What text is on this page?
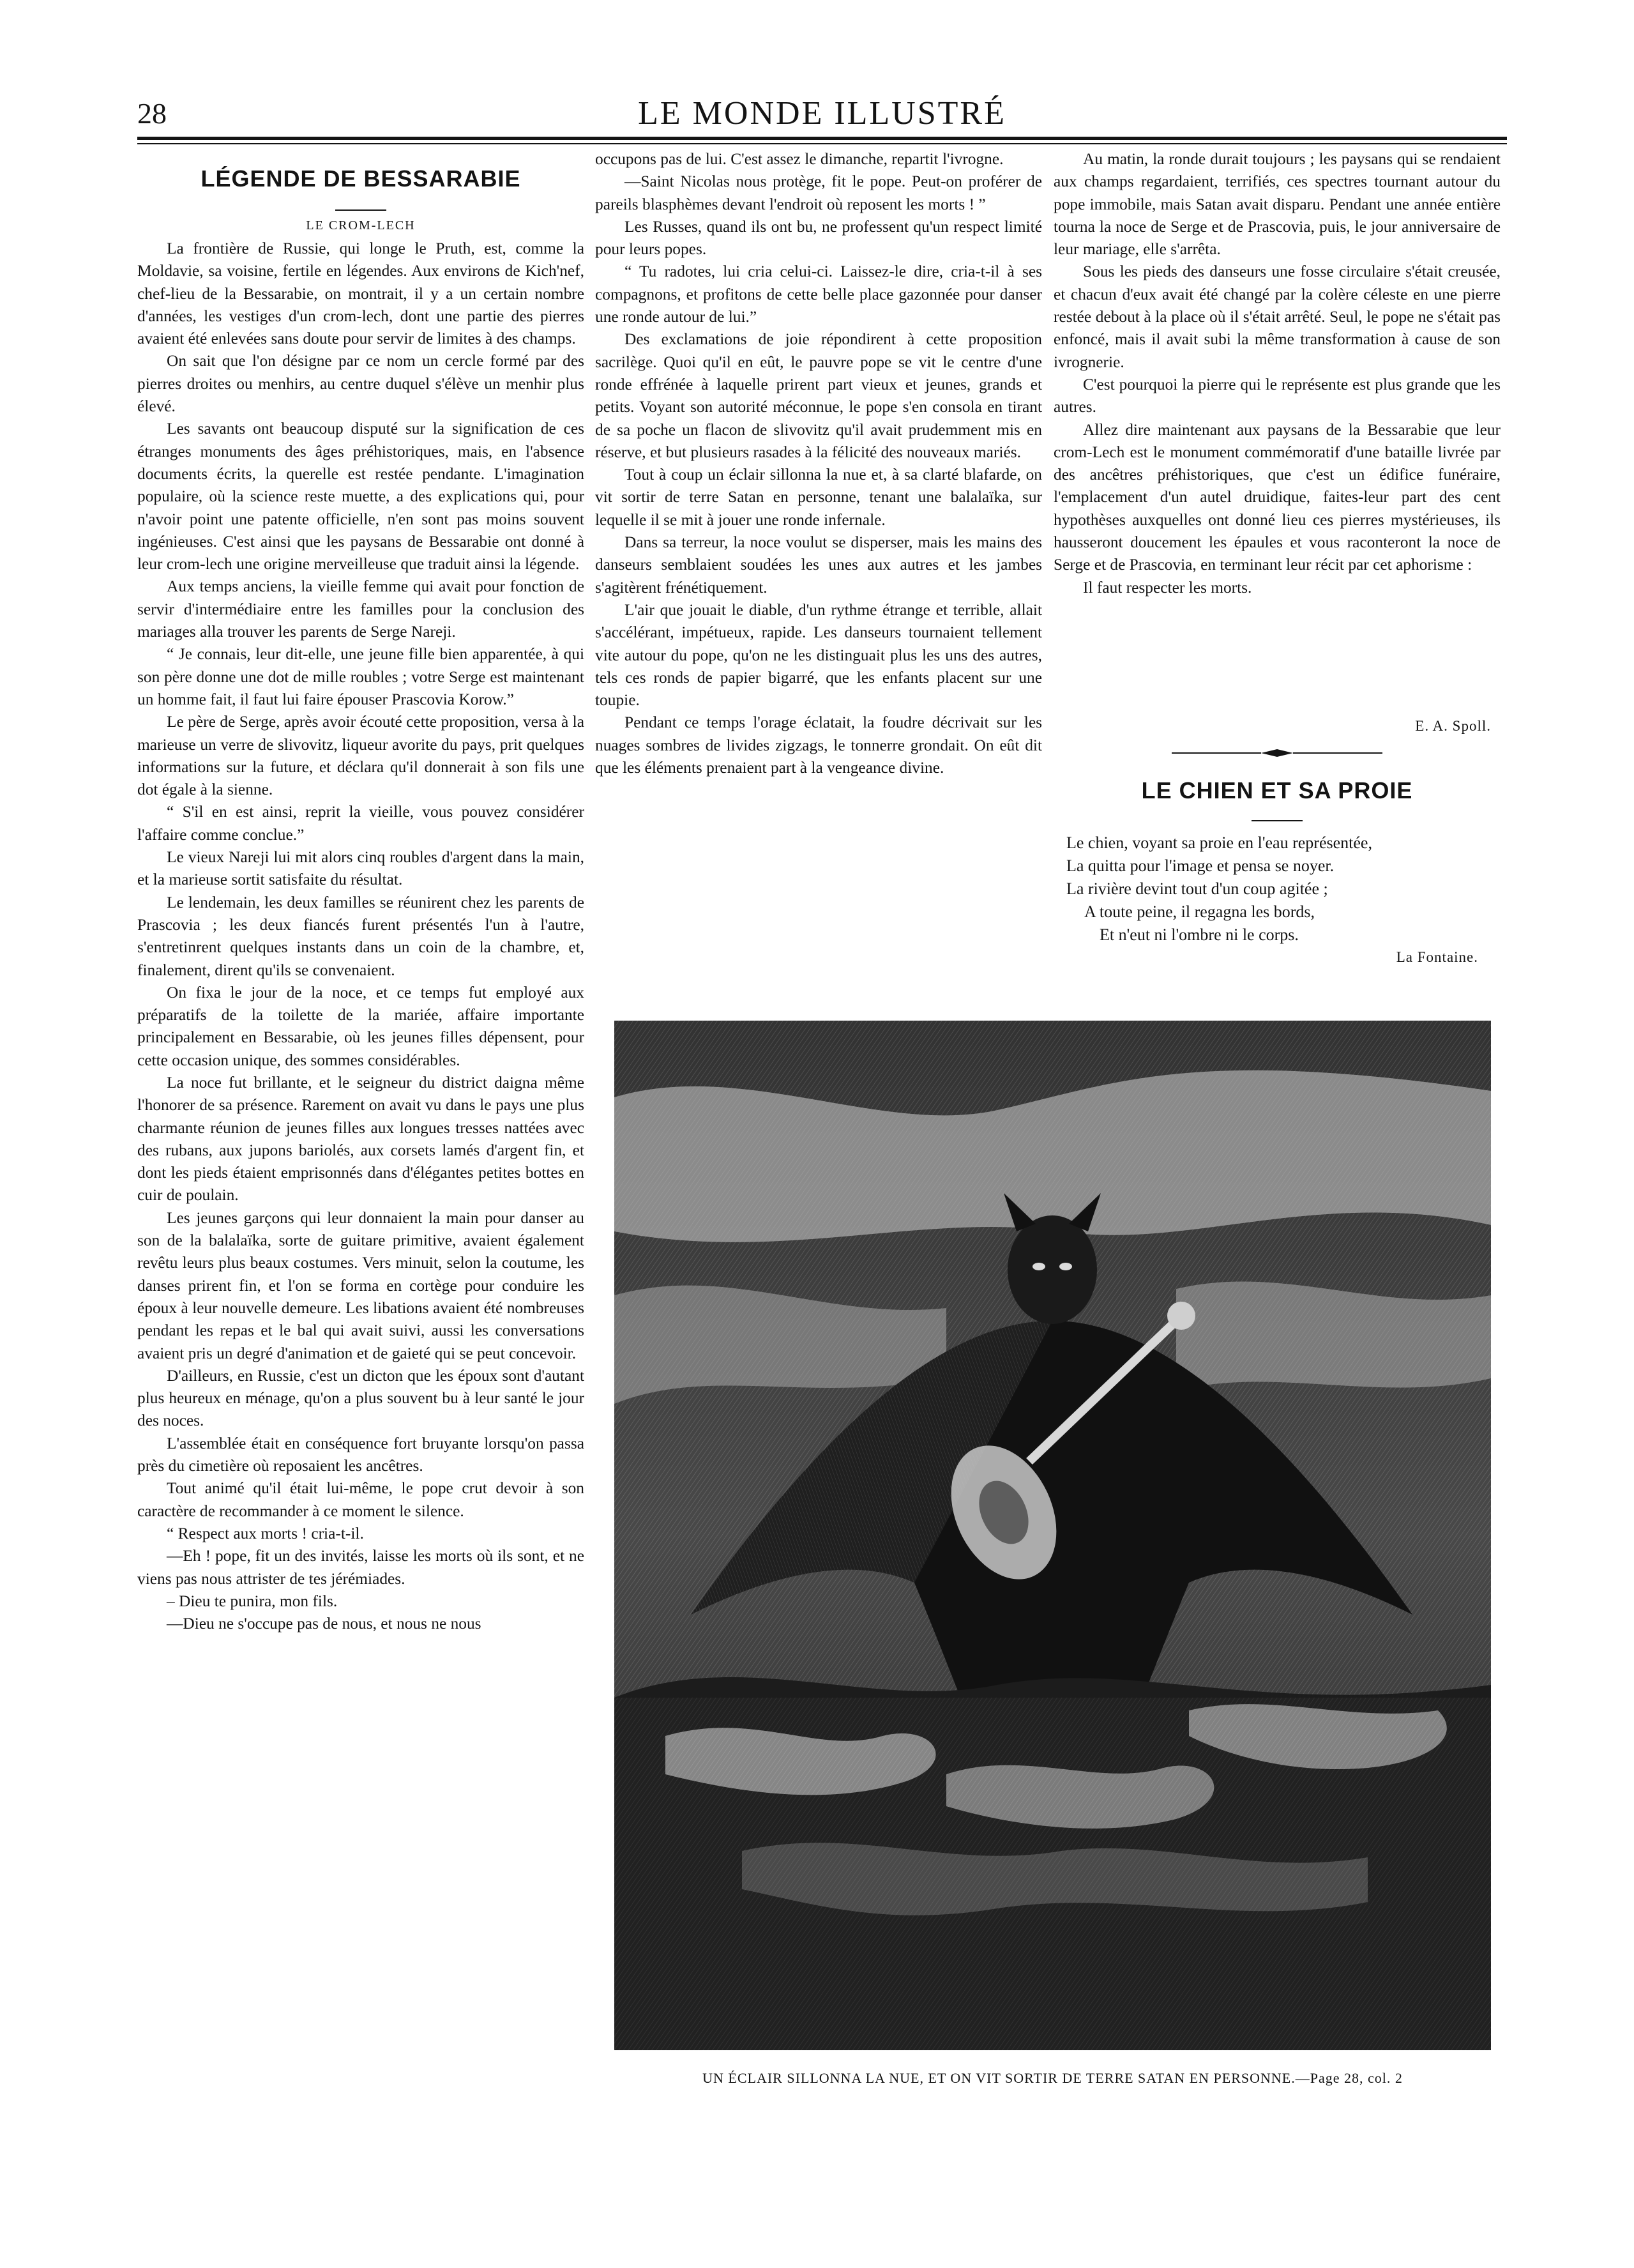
28	LE MONDE ILLUSTRÉ
LÉGENDE DE BESSARABIE
LE CROM-LECH

La frontière de Russie, qui longe le Pruth, est, comme la Moldavie, sa voisine, fertile en légendes. Aux environs de Kich'nef, chef-lieu de la Bessarabie, on montrait, il y a un certain nombre d'années, les vestiges d'un crom-lech, dont une partie des pierres avaient été enlevées sans doute pour servir de limites à des champs.

On sait que l'on désigne par ce nom un cercle formé par des pierres droites ou menhirs, au centre duquel s'élève un menhir plus élevé.

Les savants ont beaucoup disputé sur la signification de ces étranges monuments des âges préhistoriques, mais, en l'absence documents écrits, la querelle est restée pendante. L'imagination populaire, où la science reste muette, a des explications qui, pour n'avoir point une patente officielle, n'en sont pas moins souvent ingénieuses. C'est ainsi que les paysans de Bessarabie ont donné à leur crom-lech une origine merveilleuse que traduit ainsi la légende.

Aux temps anciens, la vieille femme qui avait pour fonction de servir d'intermédiaire entre les familles pour la conclusion des mariages alla trouver les parents de Serge Nareji.

“ Je connais, leur dit-elle, une jeune fille bien apparentée, à qui son père donne une dot de mille roubles ; votre Serge est maintenant un homme fait, il faut lui faire épouser Prascovia Korow.”

Le père de Serge, après avoir écouté cette proposition, versa à la marieuse un verre de slivovitz, liqueur avorite du pays, prit quelques informations sur la future, et déclara qu'il donnerait à son fils une dot égale à la sienne.

“ S'il en est ainsi, reprit la vieille, vous pouvez considérer l'affaire comme conclue.”

Le vieux Nareji lui mit alors cinq roubles d'argent dans la main, et la marieuse sortit satisfaite du résultat.

Le lendemain, les deux familles se réunirent chez les parents de Prascovia ; les deux fiancés furent présentés l'un à l'autre, s'entretinrent quelques instants dans un coin de la chambre, et, finalement, dirent qu'ils se convenaient.

On fixa le jour de la noce, et ce temps fut employé aux préparatifs de la toilette de la mariée, affaire importante principalement en Bessarabie, où les jeunes filles dépensent, pour cette occasion unique, des sommes considérables.

La noce fut brillante, et le seigneur du district daigna même l'honorer de sa présence. Rarement on avait vu dans le pays une plus charmante réunion de jeunes filles aux longues tresses nattées avec des rubans, aux jupons bariolés, aux corsets lamés d'argent fin, et dont les pieds étaient emprisonnés dans d'élégantes petites bottes en cuir de poulain.

Les jeunes garçons qui leur donnaient la main pour danser au son de la balalaïka, sorte de guitare primitive, avaient également revêtu leurs plus beaux costumes. Vers minuit, selon la coutume, les danses prirent fin, et l'on se forma en cortège pour conduire les époux à leur nouvelle demeure. Les libations avaient été nombreuses pendant les repas et le bal qui avait suivi, aussi les conversations avaient pris un degré d'animation et de gaieté qui se peut concevoir.

D'ailleurs, en Russie, c'est un dicton que les époux sont d'autant plus heureux en ménage, qu'on a plus souvent bu à leur santé le jour des noces.

L'assemblée était en conséquence fort bruyante lorsqu'on passa près du cimetière où reposaient les ancêtres.

Tout animé qu'il était lui-même, le pope crut devoir à son caractère de recommander à ce moment le silence.

“ Respect aux morts ! cria-t-il.

—Eh ! pope, fit un des invités, laisse les morts où ils sont, et ne viens pas nous attrister de tes jérémiades.

– Dieu te punira, mon fils.

—Dieu ne s'occupe pas de nous, et nous ne nous

occupons pas de lui. C'est assez le dimanche, repartit l'ivrogne.

—Saint Nicolas nous protège, fit le pope. Peut-on proférer de pareils blasphèmes devant l'endroit où reposent les morts ! ”

Les Russes, quand ils ont bu, ne professent qu'un respect limité pour leurs popes.

“ Tu radotes, lui cria celui-ci. Laissez-le dire, cria-t-il à ses compagnons, et profitons de cette belle place gazonnée pour danser une ronde autour de lui.”

Des exclamations de joie répondirent à cette proposition sacrilège. Quoi qu'il en eût, le pauvre pope se vit le centre d'une ronde effrénée à laquelle prirent part vieux et jeunes, grands et petits. Voyant son autorité méconnue, le pope s'en consola en tirant de sa poche un flacon de slivovitz qu'il avait prudemment mis en réserve, et but plusieurs rasades à la félicité des nouveaux mariés.

Tout à coup un éclair sillonna la nue et, à sa clarté blafarde, on vit sortir de terre Satan en personne, tenant une balalaïka, sur lequelle il se mit à jouer une ronde infernale.

Dans sa terreur, la noce voulut se disperser, mais les mains des danseurs semblaient soudées les unes aux autres et les jambes s'agitèrent frénétiquement.

L'air que jouait le diable, d'un rythme étrange et terrible, allait s'accélérant, impétueux, rapide. Les danseurs tournaient tellement vite autour du pope, qu'on ne les distinguait plus les uns des autres, tels ces ronds de papier bigarré, que les enfants placent sur une toupie.

Pendant ce temps l'orage éclatait, la foudre décrivait sur les nuages sombres de livides zigzags, le tonnerre grondait. On eût dit que les éléments prenaient part à la vengeance divine.

Au matin, la ronde durait toujours ; les paysans qui se rendaient aux champs regardaient, terrifiés, ces spectres tournant autour du pope immobile, mais Satan avait disparu. Pendant une année entière tourna la noce de Serge et de Prascovia, puis, le jour anniversaire de leur mariage, elle s'arrêta.

Sous les pieds des danseurs une fosse circulaire s'était creusée, et chacun d'eux avait été changé par la colère céleste en une pierre restée debout à la place où il s'était arrêté. Seul, le pope ne s'était pas enfoncé, mais il avait subi la même transformation à cause de son ivrognerie.

C'est pourquoi la pierre qui le représente est plus grande que les autres.

Allez dire maintenant aux paysans de la Bessarabie que leur crom-Lech est le monument commémoratif d'une bataille livrée par des ancêtres préhistoriques, que c'est un édifice funéraire, l'emplacement d'un autel druidique, faites-leur part des cent hypothèses auxquelles ont donné lieu ces pierres mystérieuses, ils hausseront doucement les épaules et vous raconteront la noce de Serge et de Prascovia, en terminant leur récit par cet aphorisme :

Il faut respecter les morts.

E. A. Spoll.
LE CHIEN ET SA PROIE
Le chien, voyant sa proie en l'eau représentée,
La quitta pour l'image et pensa se noyer.
La rivière devint tout d'un coup agitée ;
A toute peine, il regagna les bords,
Et n'eut ni l'ombre ni le corps.
La Fontaine.
UN ÉCLAIR SILLONNA LA NUE, ET ON VIT SORTIR DE TERRE SATAN EN PERSONNE.—Page 28, col. 2
